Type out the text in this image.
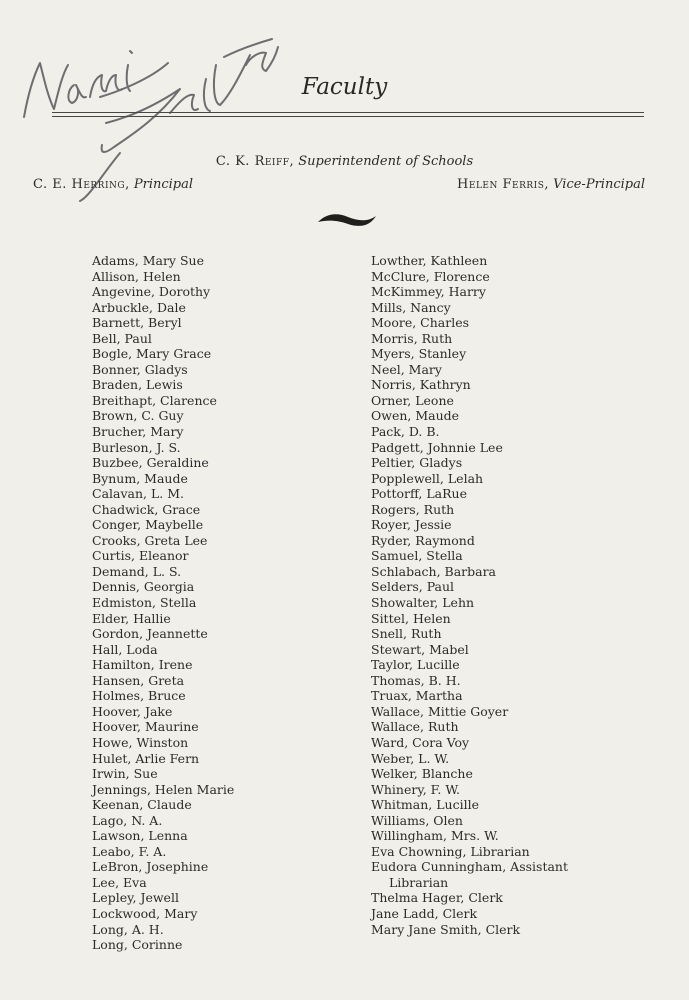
Faculty
C. K. Reiff, Superintendent of Schools
C. E. Herring, Principal	Helen Ferris, Vice-Principal
Adams, Mary Sue
Allison, Helen
Angevine, Dorothy
Arbuckle, Dale
Barnett, Beryl
Bell, Paul
Bogle, Mary Grace
Bonner, Gladys
Braden, Lewis
Breithapt, Clarence
Brown, C. Guy
Brucher, Mary
Burleson, J. S.
Buzbee, Geraldine
Bynum, Maude
Calavan, L. M.
Chadwick, Grace
Conger, Maybelle
Crooks, Greta Lee
Curtis, Eleanor
Demand, L. S.
Dennis, Georgia
Edmiston, Stella
Elder, Hallie
Gordon, Jeannette
Hall, Loda
Hamilton, Irene
Hansen, Greta
Holmes, Bruce
Hoover, Jake
Hoover, Maurine
Howe, Winston
Hulet, Arlie Fern
Irwin, Sue
Jennings, Helen Marie
Keenan, Claude
Lago, N. A.
Lawson, Lenna
Leabo, F. A.
LeBron, Josephine
Lee, Eva
Lepley, Jewell
Lockwood, Mary
Long, A. H.
Long, Corinne
Lowther, Kathleen
McClure, Florence
McKimmey, Harry
Mills, Nancy
Moore, Charles
Morris, Ruth
Myers, Stanley
Neel, Mary
Norris, Kathryn
Orner, Leone
Owen, Maude
Pack, D. B.
Padgett, Johnnie Lee
Peltier, Gladys
Popplewell, Lelah
Pottorff, LaRue
Rogers, Ruth
Royer, Jessie
Ryder, Raymond
Samuel, Stella
Schlabach, Barbara
Selders, Paul
Showalter, Lehn
Sittel, Helen
Snell, Ruth
Stewart, Mabel
Taylor, Lucille
Thomas, B. H.
Truax, Martha
Wallace, Mittie Goyer
Wallace, Ruth
Ward, Cora Voy
Weber, L. W.
Welker, Blanche
Whinery, F. W.
Whitman, Lucille
Williams, Olen
Willingham, Mrs. W.
Eva Chowning, Librarian
Eudora Cunningham, Assistant Librarian
Thelma Hager, Clerk
Jane Ladd, Clerk
Mary Jane Smith, Clerk
